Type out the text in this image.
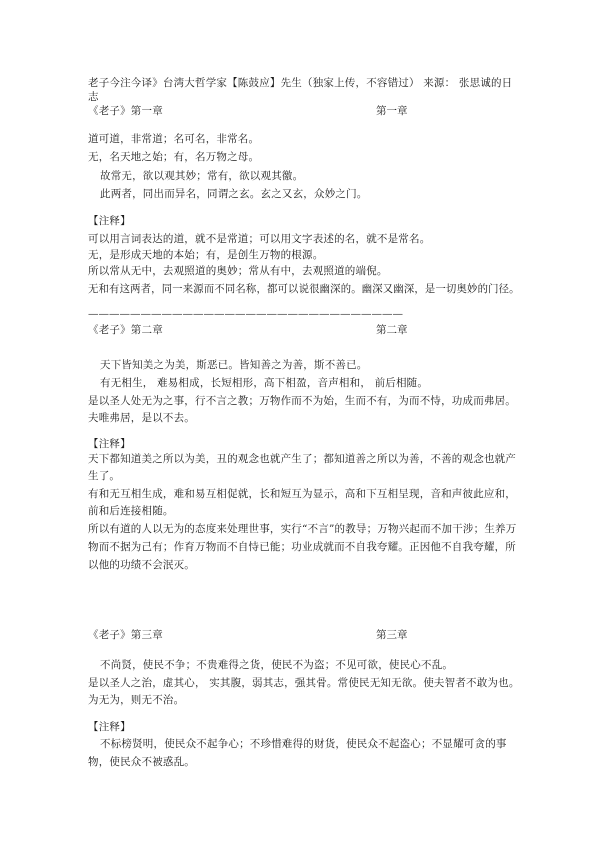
老子今注今译》台湾大哲学家【陈鼓应】先生（独家上传，不容错过） 来源： 张思诚的日
志
《老子》第一章	第一章
道可道，非常道；名可名，非常名。
无，名天地之始；有，名万物之母。
故常无，欲以观其妙；常有，欲以观其徼。
此两者，同出而异名，同谓之玄。玄之又玄，众妙之门。
【注释】
可以用言词表达的道，就不是常道；可以用文字表述的名，就不是常名。
无，是形成天地的本始；有，是创生万物的根源。
所以常从无中，去观照道的奥妙；常从有中，去观照道的端倪。
无和有这两者，同一来源而不同名称，都可以说很幽深的。幽深又幽深，是一切奥妙的门径。
——————————————————————————————
《老子》第二章	第二章
天下皆知美之为美，斯恶已。皆知善之为善，斯不善已。
有无相生， 难易相成，长短相形，高下相盈，音声相和， 前后相随。
是以圣人处无为之事，行不言之教；万物作而不为始，生而不有，为而不恃，功成而弗居。
夫唯弗居，是以不去。
【注释】
天下都知道美之所以为美，丑的观念也就产生了；都知道善之所以为善，不善的观念也就产
生了。
有和无互相生成，难和易互相促就，长和短互为显示，高和下互相呈现，音和声彼此应和，
前和后连接相随。
所以有道的人以无为的态度来处理世事，实行“不言”的教导；万物兴起而不加干涉；生养万
物而不据为己有；作育万物而不自恃已能；功业成就而不自我夸耀。正因他不自我夸耀，所
以他的功绩不会泯灭。
《老子》第三章	第三章
不尚贤，使民不争；不贵难得之货，使民不为盗；不见可欲，使民心不乱。
是以圣人之治，虚其心， 实其腹，弱其志，强其骨。常使民无知无欲。使夫智者不敢为也。
为无为，则无不治。
【注释】
不标榜贤明，使民众不起争心；不珍惜难得的财货，使民众不起盗心；不显耀可贪的事
物，使民众不被惑乱。
